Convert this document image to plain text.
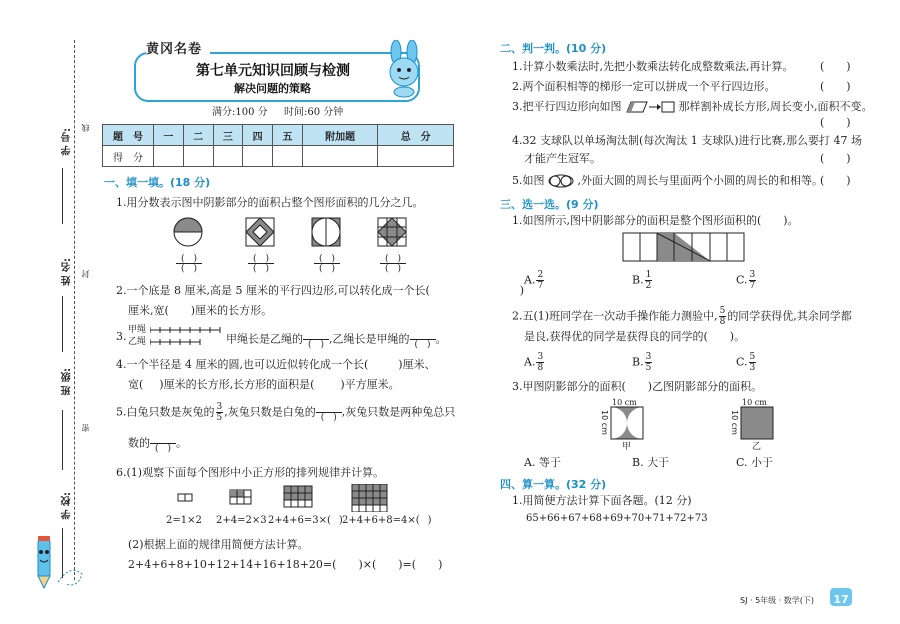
学 号: 线
姓 名: 封
班 级:
密
学 校:
黄冈名卷
第七单元知识回顾与检测
解决问题的策略
满分:100 分 时间:60 分钟
题　号	一	二	三	四	五	附加题	总　分
得　分							
一、填一填。(18 分)
1.用分数表示图中阴影部分的面积占整个图形面积的几分之几。
(　)
(　)
(　)
(　)
(　)
(　)
(　)
(　)
2.一个底是 8 厘米,高是 5 厘米的平行四边形,可以转化成一个长(	)
厘米,宽( )厘米的长方形。
3. 甲绳
乙绳	甲绳长是乙绳的 (　) ,乙绳长是甲绳的 (　) 。
4.一个半径是 4 厘米的圆,也可以近似转化成一个长(	)厘米、
宽( )厘米的长方形,长方形的面积是( )平方厘米。
5.白兔只数是灰兔的 $\frac{3}{5}$ ,灰兔只数是白兔的 (　) ,灰兔只数是两种兔总只
数的 (　) 。
6.(1)观察下面每个图形中小正方形的排列规律并计算。
2=1×2 2+4=2×3 2+4+6=3×( ) 2+4+6+8=4×( )
(2)根据上面的规律用简便方法计算。
2+4+6+8+10+12+14+16+18+20=( )×( )=( )
二、判一判。(10 分)
1.计算小数乘法时,先把小数乘法转化成整数乘法,再计算。 (　　)
2.两个面积相等的梯形一定可以拼成一个平行四边形。	(　　)
3.把平行四边形向如图	那样割补成长方形,周长变小,面积不变。
(　　)
4.32 支球队以单场淘汰制(每次淘汰 1 支球队)进行比赛,那么要打 47 场
才能产生冠军。	(　　)
5.如图	,外面大圆的周长与里面两个小圆的周长的和相等。
(　　)
三、选一选。(9 分)
1.如图所示,图中阴影部分的面积是整个图形面积的(　　)。
A. $\frac{2}{7}$	B. $\frac{1}{2}$	C. $\frac{3}{7}$
2.五(1)班同学在一次动手操作能力测验中, $\frac{5}{8}$ 的同学获得优,其余同学都
是良,获得优的同学是获得良的同学的(　　)。
A. $\frac{3}{8}$	B. $\frac{3}{5}$	C. $\frac{5}{3}$
3.甲图阴影部分的面积(　　)乙图阴影部分的面积。
10 cm
10 cm
甲
10 cm
10 cm
乙
A. 等于	B. 大于	C. 小于
四、算一算。(32 分)
1.用简便方法计算下面各题。(12 分)
65+66+67+68+69+70+71+72+73
SJ · 5年级 · 数学(下)	17
